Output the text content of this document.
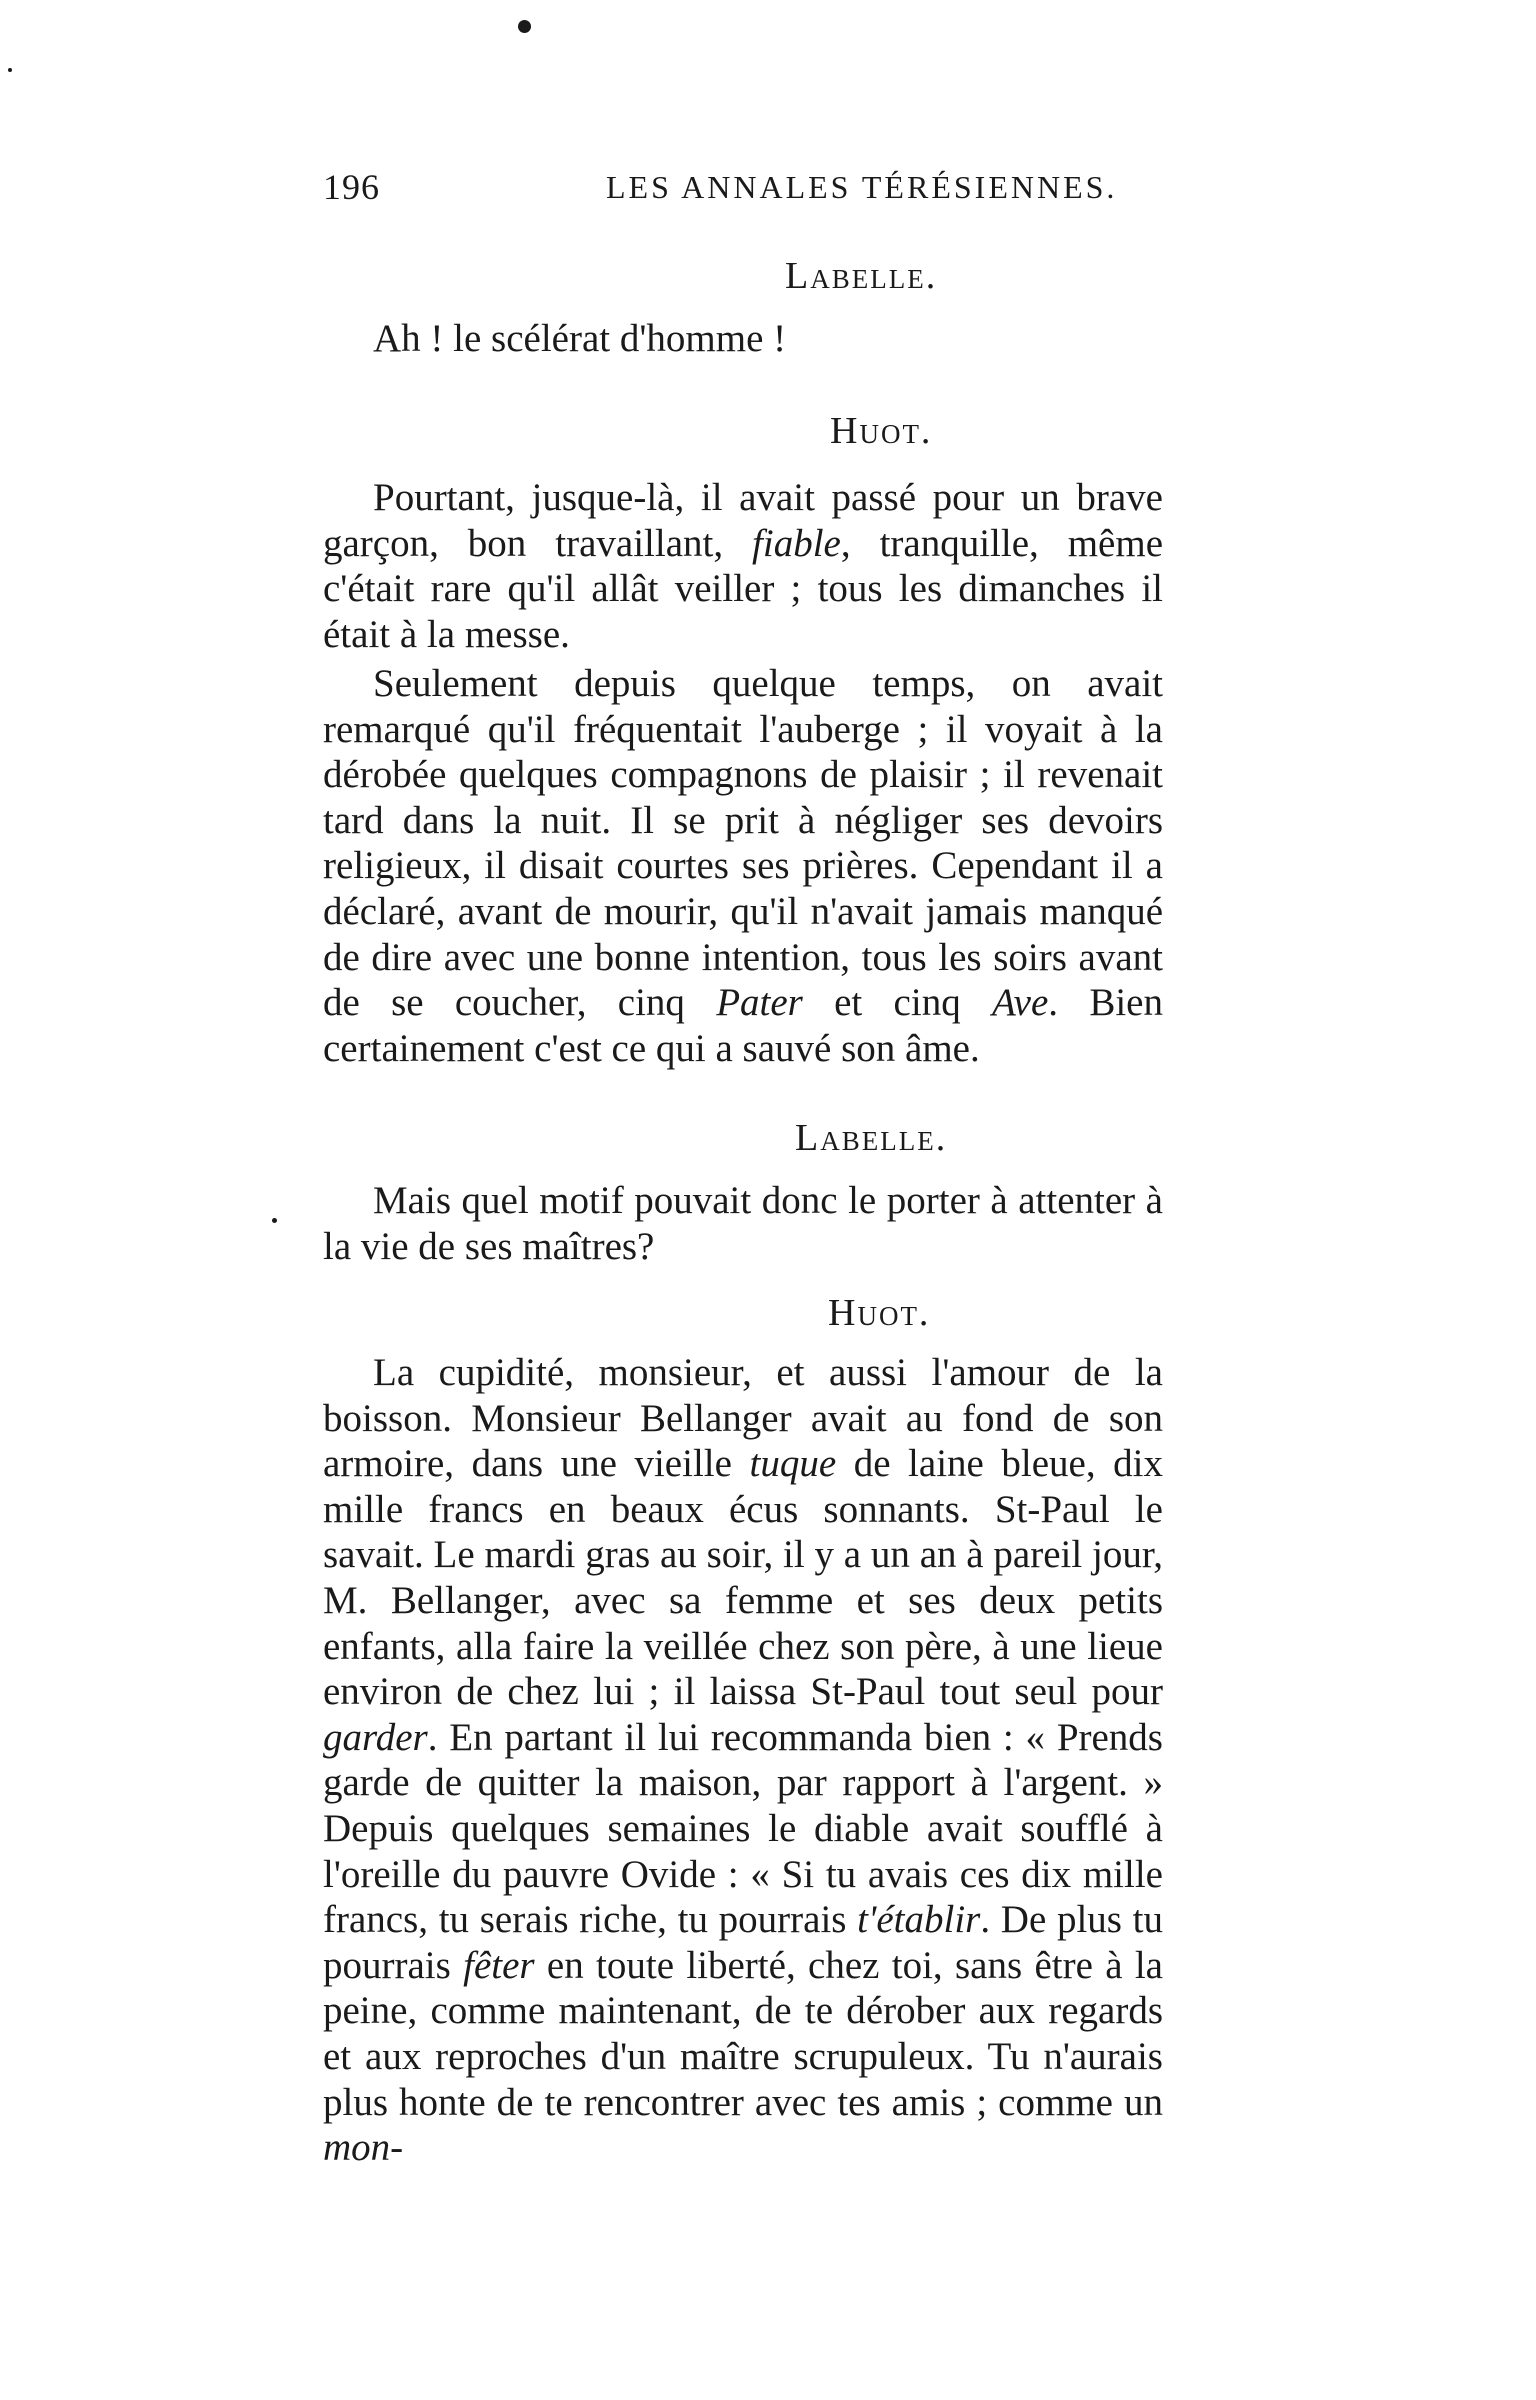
196	LES ANNALES TÉRÉSIENNES.
Labelle.
Ah ! le scélérat d'homme !
Huot.
Pourtant, jusque-là, il avait passé pour un brave garçon, bon travaillant, fiable, tranquille, même c'était rare qu'il allât veiller ; tous les dimanches il était à la messe.
Seulement depuis quelque temps, on avait remarqué qu'il fréquentait l'auberge ; il voyait à la dérobée quelques compagnons de plaisir ; il revenait tard dans la nuit. Il se prit à négliger ses devoirs religieux, il disait courtes ses prières. Cependant il a déclaré, avant de mourir, qu'il n'avait jamais manqué de dire avec une bonne intention, tous les soirs avant de se coucher, cinq Pater et cinq Ave. Bien certainement c'est ce qui a sauvé son âme.
Labelle.
Mais quel motif pouvait donc le porter à attenter à la vie de ses maîtres?
Huot.
La cupidité, monsieur, et aussi l'amour de la boisson. Monsieur Bellanger avait au fond de son armoire, dans une vieille tuque de laine bleue, dix mille francs en beaux écus sonnants. St-Paul le savait. Le mardi gras au soir, il y a un an à pareil jour, M. Bellanger, avec sa femme et ses deux petits enfants, alla faire la veillée chez son père, à une lieue environ de chez lui ; il laissa St-Paul tout seul pour garder. En partant il lui recommanda bien : « Prends garde de quitter la maison, par rapport à l'argent. » Depuis quelques semaines le diable avait soufflé à l'oreille du pauvre Ovide : « Si tu avais ces dix mille francs, tu serais riche, tu pourrais t'établir. De plus tu pourrais fêter en toute liberté, chez toi, sans être à la peine, comme maintenant, de te dérober aux regards et aux reproches d'un maître scrupuleux. Tu n'aurais plus honte de te rencontrer avec tes amis ; comme un mon-
